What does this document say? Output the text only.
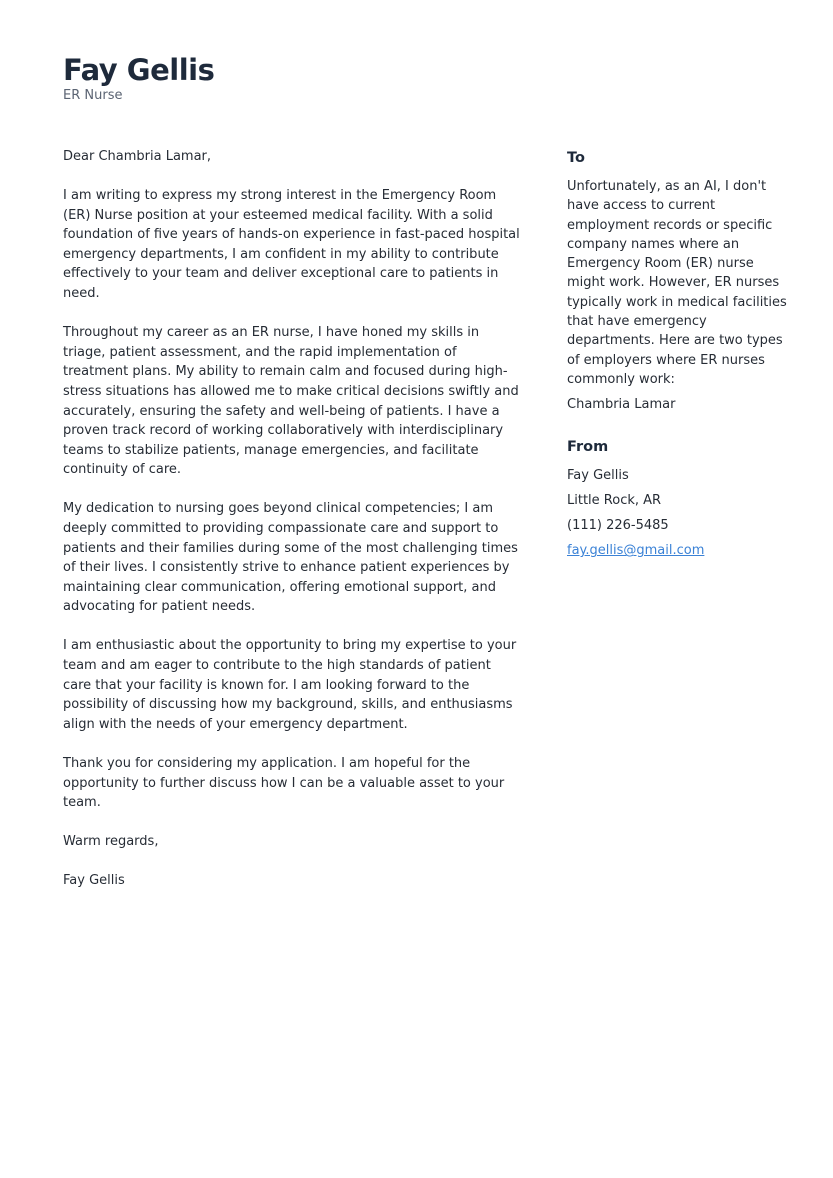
Fay Gellis

ER Nurse

Dear Chambria Lamar,

I am writing to express my strong interest in the Emergency Room (ER) Nurse position at your esteemed medical facility. With a solid foundation of five years of hands-on experience in fast-paced hospital emergency departments, I am confident in my ability to contribute effectively to your team and deliver exceptional care to patients in need.

Throughout my career as an ER nurse, I have honed my skills in triage, patient assessment, and the rapid implementation of treatment plans. My ability to remain calm and focused during high-stress situations has allowed me to make critical decisions swiftly and accurately, ensuring the safety and well-being of patients. I have a proven track record of working collaboratively with interdisciplinary teams to stabilize patients, manage emergencies, and facilitate continuity of care.

My dedication to nursing goes beyond clinical competencies; I am deeply committed to providing compassionate care and support to patients and their families during some of the most challenging times of their lives. I consistently strive to enhance patient experiences by maintaining clear communication, offering emotional support, and advocating for patient needs.

I am enthusiastic about the opportunity to bring my expertise to your team and am eager to contribute to the high standards of patient care that your facility is known for. I am looking forward to the possibility of discussing how my background, skills, and enthusiasms align with the needs of your emergency department.

Thank you for considering my application. I am hopeful for the opportunity to further discuss how I can be a valuable asset to your team.

Warm regards,

Fay Gellis

To

Unfortunately, as an AI, I don't have access to current employment records or specific company names where an Emergency Room (ER) nurse might work. However, ER nurses typically work in medical facilities that have emergency departments. Here are two types of employers where ER nurses commonly work:

Chambria Lamar

From

Fay Gellis

Little Rock, AR

(111) 226-5485

fay.gellis@gmail.com
